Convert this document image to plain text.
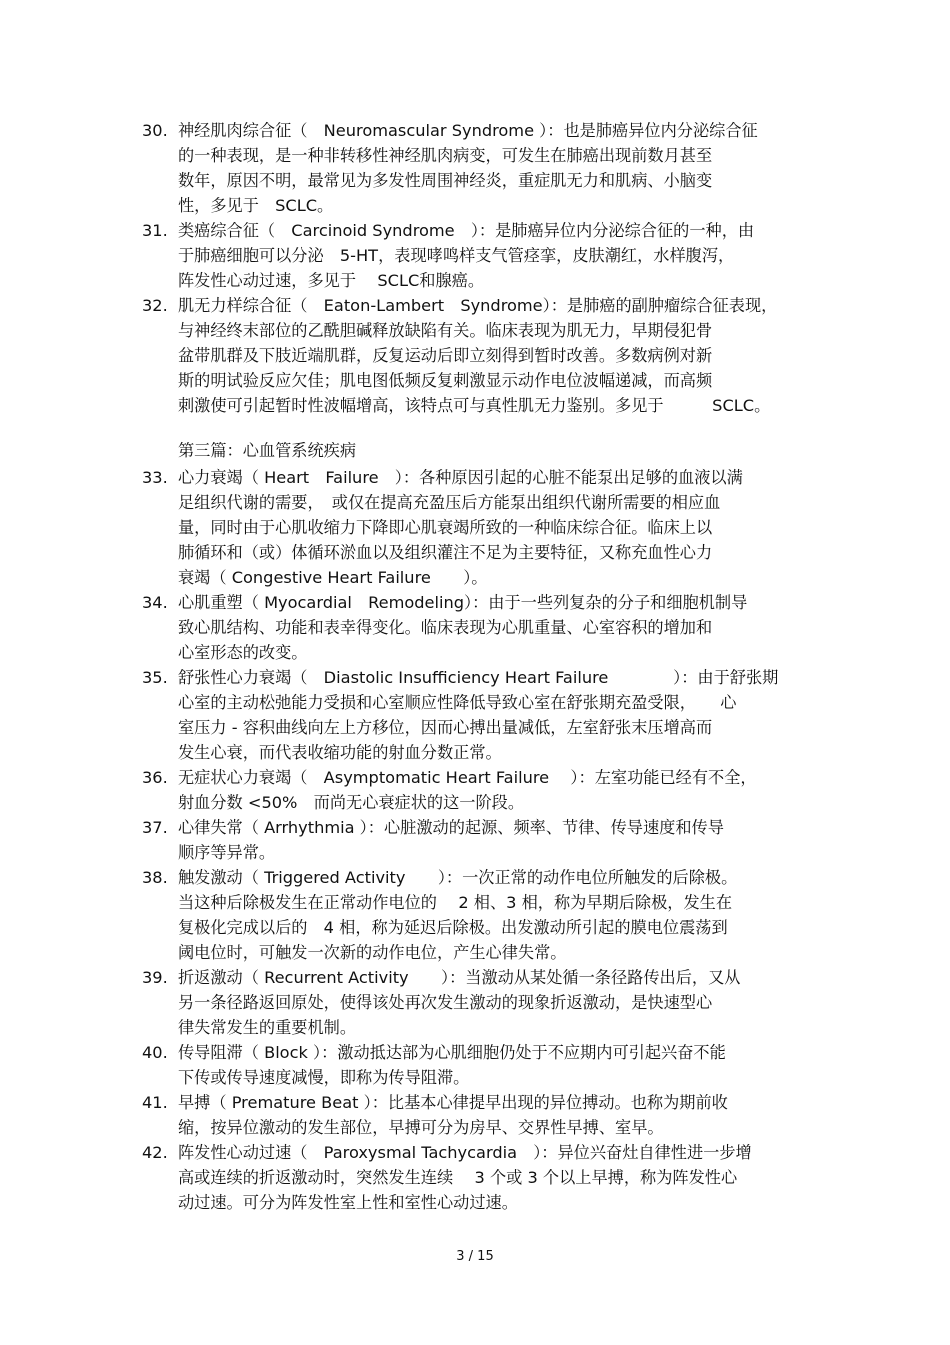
30. 神经肌肉综合征（　Neuromascular Syndrome ）：也是肺癌异位内分泌综合征
的一种表现，是一种非转移性神经肌肉病变，可发生在肺癌出现前数月甚至
数年，原因不明，最常见为多发性周围神经炎，重症肌无力和肌病、小脑变
性，多见于　SCLC。
31. 类癌综合征（　Carcinoid Syndrome　）：是肺癌异位内分泌综合征的一种，由
于肺癌细胞可以分泌　5-HT，表现哮鸣样支气管痉挛，皮肤潮红，水样腹泻，
阵发性心动过速，多见于　 SCLC和腺癌。
32. 肌无力样综合征（　Eaton-Lambert　Syndrome）：是肺癌的副肿瘤综合征表现，
与神经终末部位的乙酰胆碱释放缺陷有关。临床表现为肌无力，早期侵犯骨
盆带肌群及下肢近端肌群，反复运动后即立刻得到暂时改善。多数病例对新
斯的明试验反应欠佳；肌电图低频反复刺激显示动作电位波幅递减，而高频
刺激使可引起暂时性波幅增高，该特点可与真性肌无力鉴别。多见于　　　SCLC。
第三篇：心血管系统疾病
33. 心力衰竭（ Heart　Failure　）：各种原因引起的心脏不能泵出足够的血液以满
足组织代谢的需要，　或仅在提高充盈压后方能泵出组织代谢所需要的相应血
量，同时由于心肌收缩力下降即心肌衰竭所致的一种临床综合征。临床上以
肺循环和（或）体循环淤血以及组织灌注不足为主要特征，又称充血性心力
衰竭（ Congestive Heart Failure　　）。
34. 心肌重塑（ Myocardial　Remodeling）：由于一些列复杂的分子和细胞机制导
致心肌结构、功能和表幸得变化。临床表现为心肌重量、心室容积的增加和
心室形态的改变。
35. 舒张性心力衰竭（　Diastolic Insufficiency Heart Failure　　　　）：由于舒张期
心室的主动松弛能力受损和心室顺应性降低导致心室在舒张期充盈受限，　　心
室压力 - 容积曲线向左上方移位，因而心搏出量减低，左室舒张末压增高而
发生心衰，而代表收缩功能的射血分数正常。
36. 无症状心力衰竭（　Asymptomatic Heart Failure　 ）：左室功能已经有不全，
射血分数 <50%　而尚无心衰症状的这一阶段。
37. 心律失常（ Arrhythmia ）：心脏激动的起源、频率、节律、传导速度和传导
顺序等异常。
38. 触发激动（ Triggered Activity　　）：一次正常的动作电位所触发的后除极。
当这种后除极发生在正常动作电位的　 2 相、3 相，称为早期后除极，发生在
复极化完成以后的　4 相，称为延迟后除极。出发激动所引起的膜电位震荡到
阈电位时，可触发一次新的动作电位，产生心律失常。
39. 折返激动（ Recurrent Activity　　）：当激动从某处循一条径路传出后，又从
另一条径路返回原处，使得该处再次发生激动的现象折返激动，是快速型心
律失常发生的重要机制。
40. 传导阻滞（ Block ）：激动抵达部为心肌细胞仍处于不应期内可引起兴奋不能
下传或传导速度减慢，即称为传导阻滞。
41. 早搏（ Premature Beat ）：比基本心律提早出现的异位搏动。也称为期前收
缩，按异位激动的发生部位，早搏可分为房早、交界性早搏、室早。
42. 阵发性心动过速（　Paroxysmal Tachycardia　）：异位兴奋灶自律性进一步增
高或连续的折返激动时，突然发生连续　 3 个或 3 个以上早搏，称为阵发性心
动过速。可分为阵发性室上性和室性心动过速。
3 / 15
